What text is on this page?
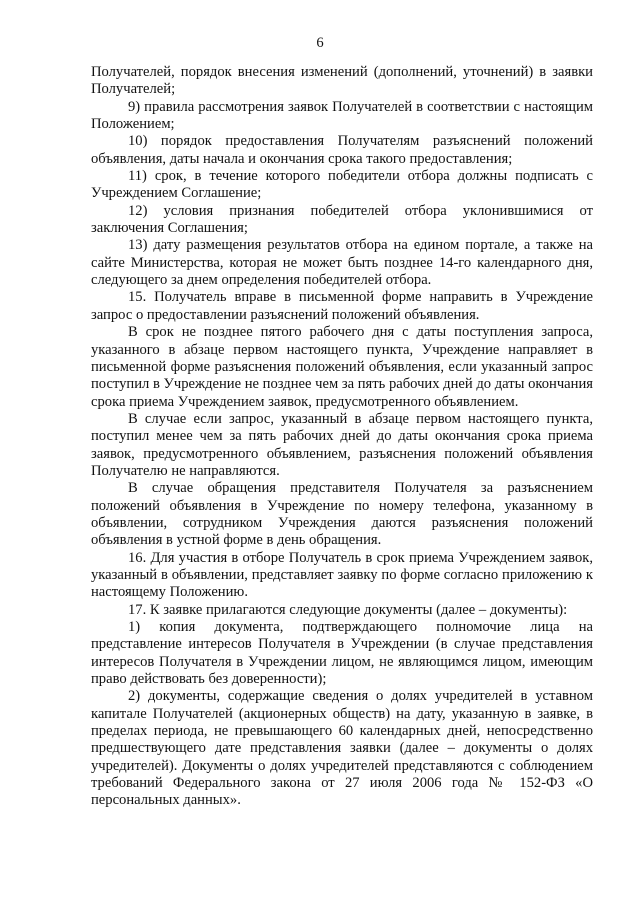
6

Получателей, порядок внесения изменений (дополнений, уточнений) в заявки Получателей;

9) правила рассмотрения заявок Получателей в соответствии с настоящим Положением;

10) порядок предоставления Получателям разъяснений положений объявления, даты начала и окончания срока такого предоставления;

11) срок, в течение которого победители отбора должны подписать с Учреждением Соглашение;

12) условия признания победителей отбора уклонившимися от заключения Соглашения;

13) дату размещения результатов отбора на едином портале, а также на сайте Министерства, которая не может быть позднее 14-го календарного дня, следующего за днем определения победителей отбора.

15. Получатель вправе в письменной форме направить в Учреждение запрос о предоставлении разъяснений положений объявления.

В срок не позднее пятого рабочего дня с даты поступления запроса, указанного в абзаце первом настоящего пункта, Учреждение направляет в письменной форме разъяснения положений объявления, если указанный запрос поступил в Учреждение не позднее чем за пять рабочих дней до даты окончания срока приема Учреждением заявок, предусмотренного объявлением.

В случае если запрос, указанный в абзаце первом настоящего пункта, поступил менее чем за пять рабочих дней до даты окончания срока приема заявок, предусмотренного объявлением, разъяснения положений объявления Получателю не направляются.

В случае обращения представителя Получателя за разъяснением положений объявления в Учреждение по номеру телефона, указанному в объявлении, сотрудником Учреждения даются разъяснения положений объявления в устной форме в день обращения.

16. Для участия в отборе Получатель в срок приема Учреждением заявок, указанный в объявлении, представляет заявку по форме согласно приложению к настоящему Положению.

17. К заявке прилагаются следующие документы (далее – документы):

1) копия документа, подтверждающего полномочие лица на представление интересов Получателя в Учреждении (в случае представления интересов Получателя в Учреждении лицом, не являющимся лицом, имеющим право действовать без доверенности);

2) документы, содержащие сведения о долях учредителей в уставном капитале Получателей (акционерных обществ) на дату, указанную в заявке, в пределах периода, не превышающего 60 календарных дней, непосредственно предшествующего дате представления заявки (далее – документы о долях учредителей). Документы о долях учредителей представляются с соблюдением требований Федерального закона от 27 июля 2006 года № 152-ФЗ «О персональных данных».
